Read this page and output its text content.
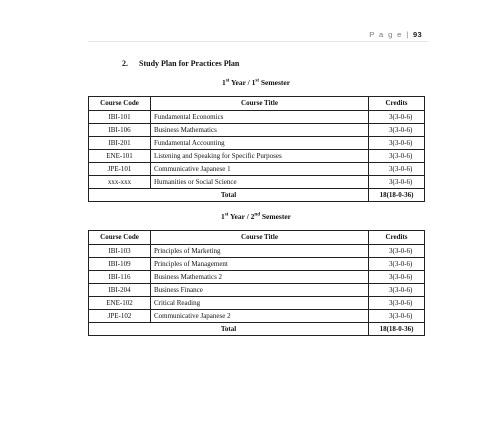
P a g e | 93
2. Study Plan for Practices Plan
1st Year / 1st Semester
Course Code	Course Title	Credits
IBI-101	Fundamental Economics	3(3-0-6)
IBI-106	Business Mathematics	3(3-0-6)
IBI-201	Fundamental Accounting	3(3-0-6)
ENE-101	Listening and Speaking for Specific Purposes	3(3-0-6)
JPE-101	Communicative Japanese 1	3(3-0-6)
xxx-xxx	Humanities or Social Science	3(3-0-6)
Total		18(18-0-36)
1st Year / 2nd Semester
Course Code	Course Title	Credits
IBI-103	Principles of Marketing	3(3-0-6)
IBI-109	Principles of Management	3(3-0-6)
IBI-116	Business Mathematics 2	3(3-0-6)
IBI-204	Business Finance	3(3-0-6)
ENE-102	Critical Reading	3(3-0-6)
JPE-102	Communicative Japanese 2	3(3-0-6)
Total		18(18-0-36)
